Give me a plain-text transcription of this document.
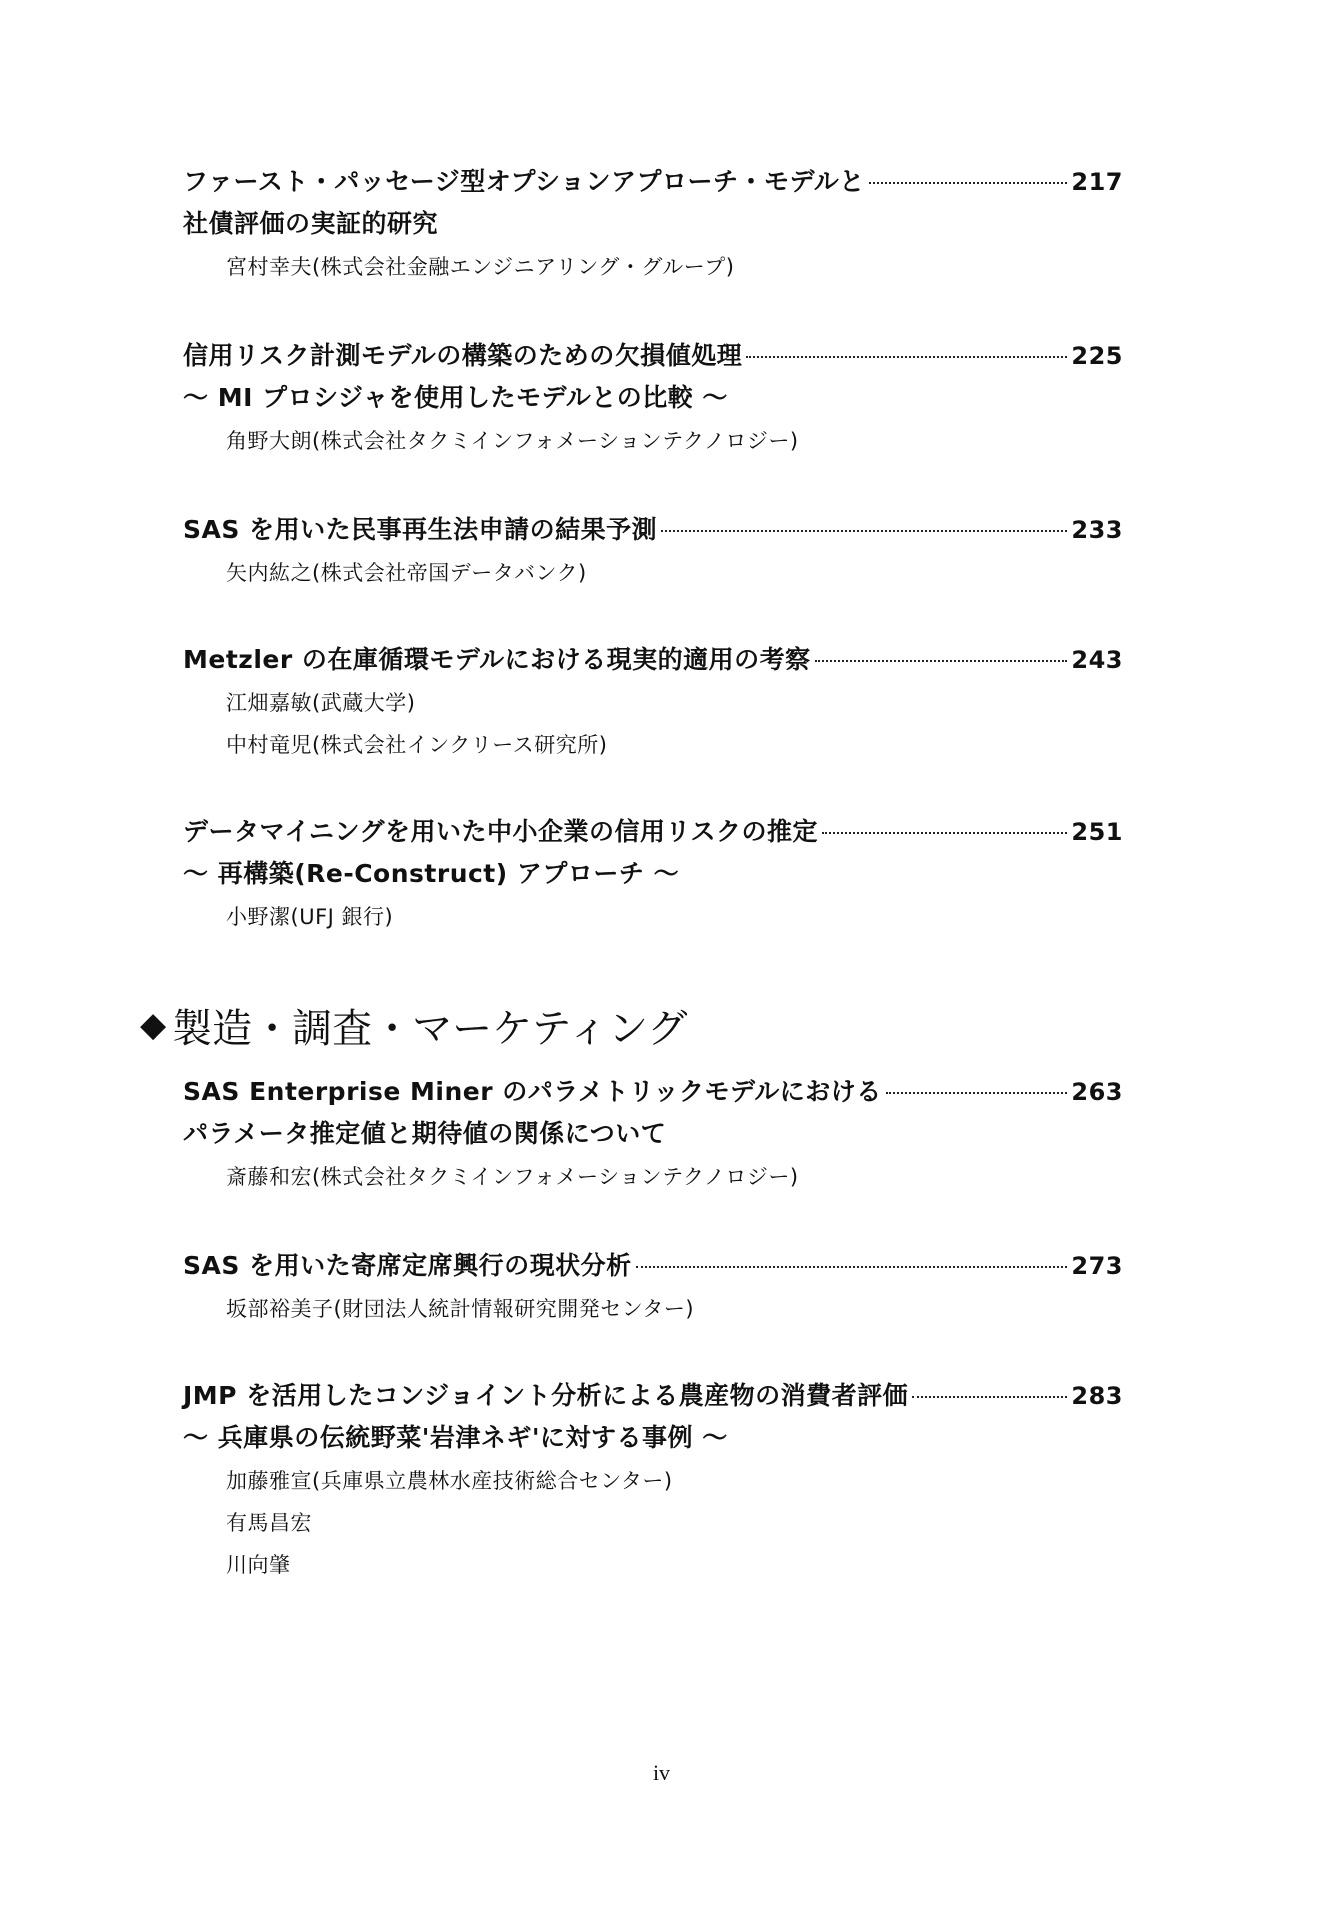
ファースト・パッセージ型オプションアプローチ・モデルと	217
社債評価の実証的研究
宮村幸夫(株式会社金融エンジニアリング・グループ)
信用リスク計測モデルの構築のための欠損値処理	225
～ MI プロシジャを使用したモデルとの比較 ～
角野大朗(株式会社タクミインフォメーションテクノロジー)
SAS を用いた民事再生法申請の結果予測	233
矢内紘之(株式会社帝国データバンク)
Metzler の在庫循環モデルにおける現実的適用の考察	243
江畑嘉敏(武蔵大学)
中村竜児(株式会社インクリース研究所)
データマイニングを用いた中小企業の信用リスクの推定	251
～ 再構築(Re-Construct) アプローチ ～
小野潔(UFJ 銀行)
◆ 製造・調査・マーケティング
SAS Enterprise Miner のパラメトリックモデルにおける	263
パラメータ推定値と期待値の関係について
斎藤和宏(株式会社タクミインフォメーションテクノロジー)
SAS を用いた寄席定席興行の現状分析	273
坂部裕美子(財団法人統計情報研究開発センター)
JMP を活用したコンジョイント分析による農産物の消費者評価	283
～ 兵庫県の伝統野菜'岩津ネギ'に対する事例 ～
加藤雅宣(兵庫県立農林水産技術総合センター)
有馬昌宏
川向肇
iv
